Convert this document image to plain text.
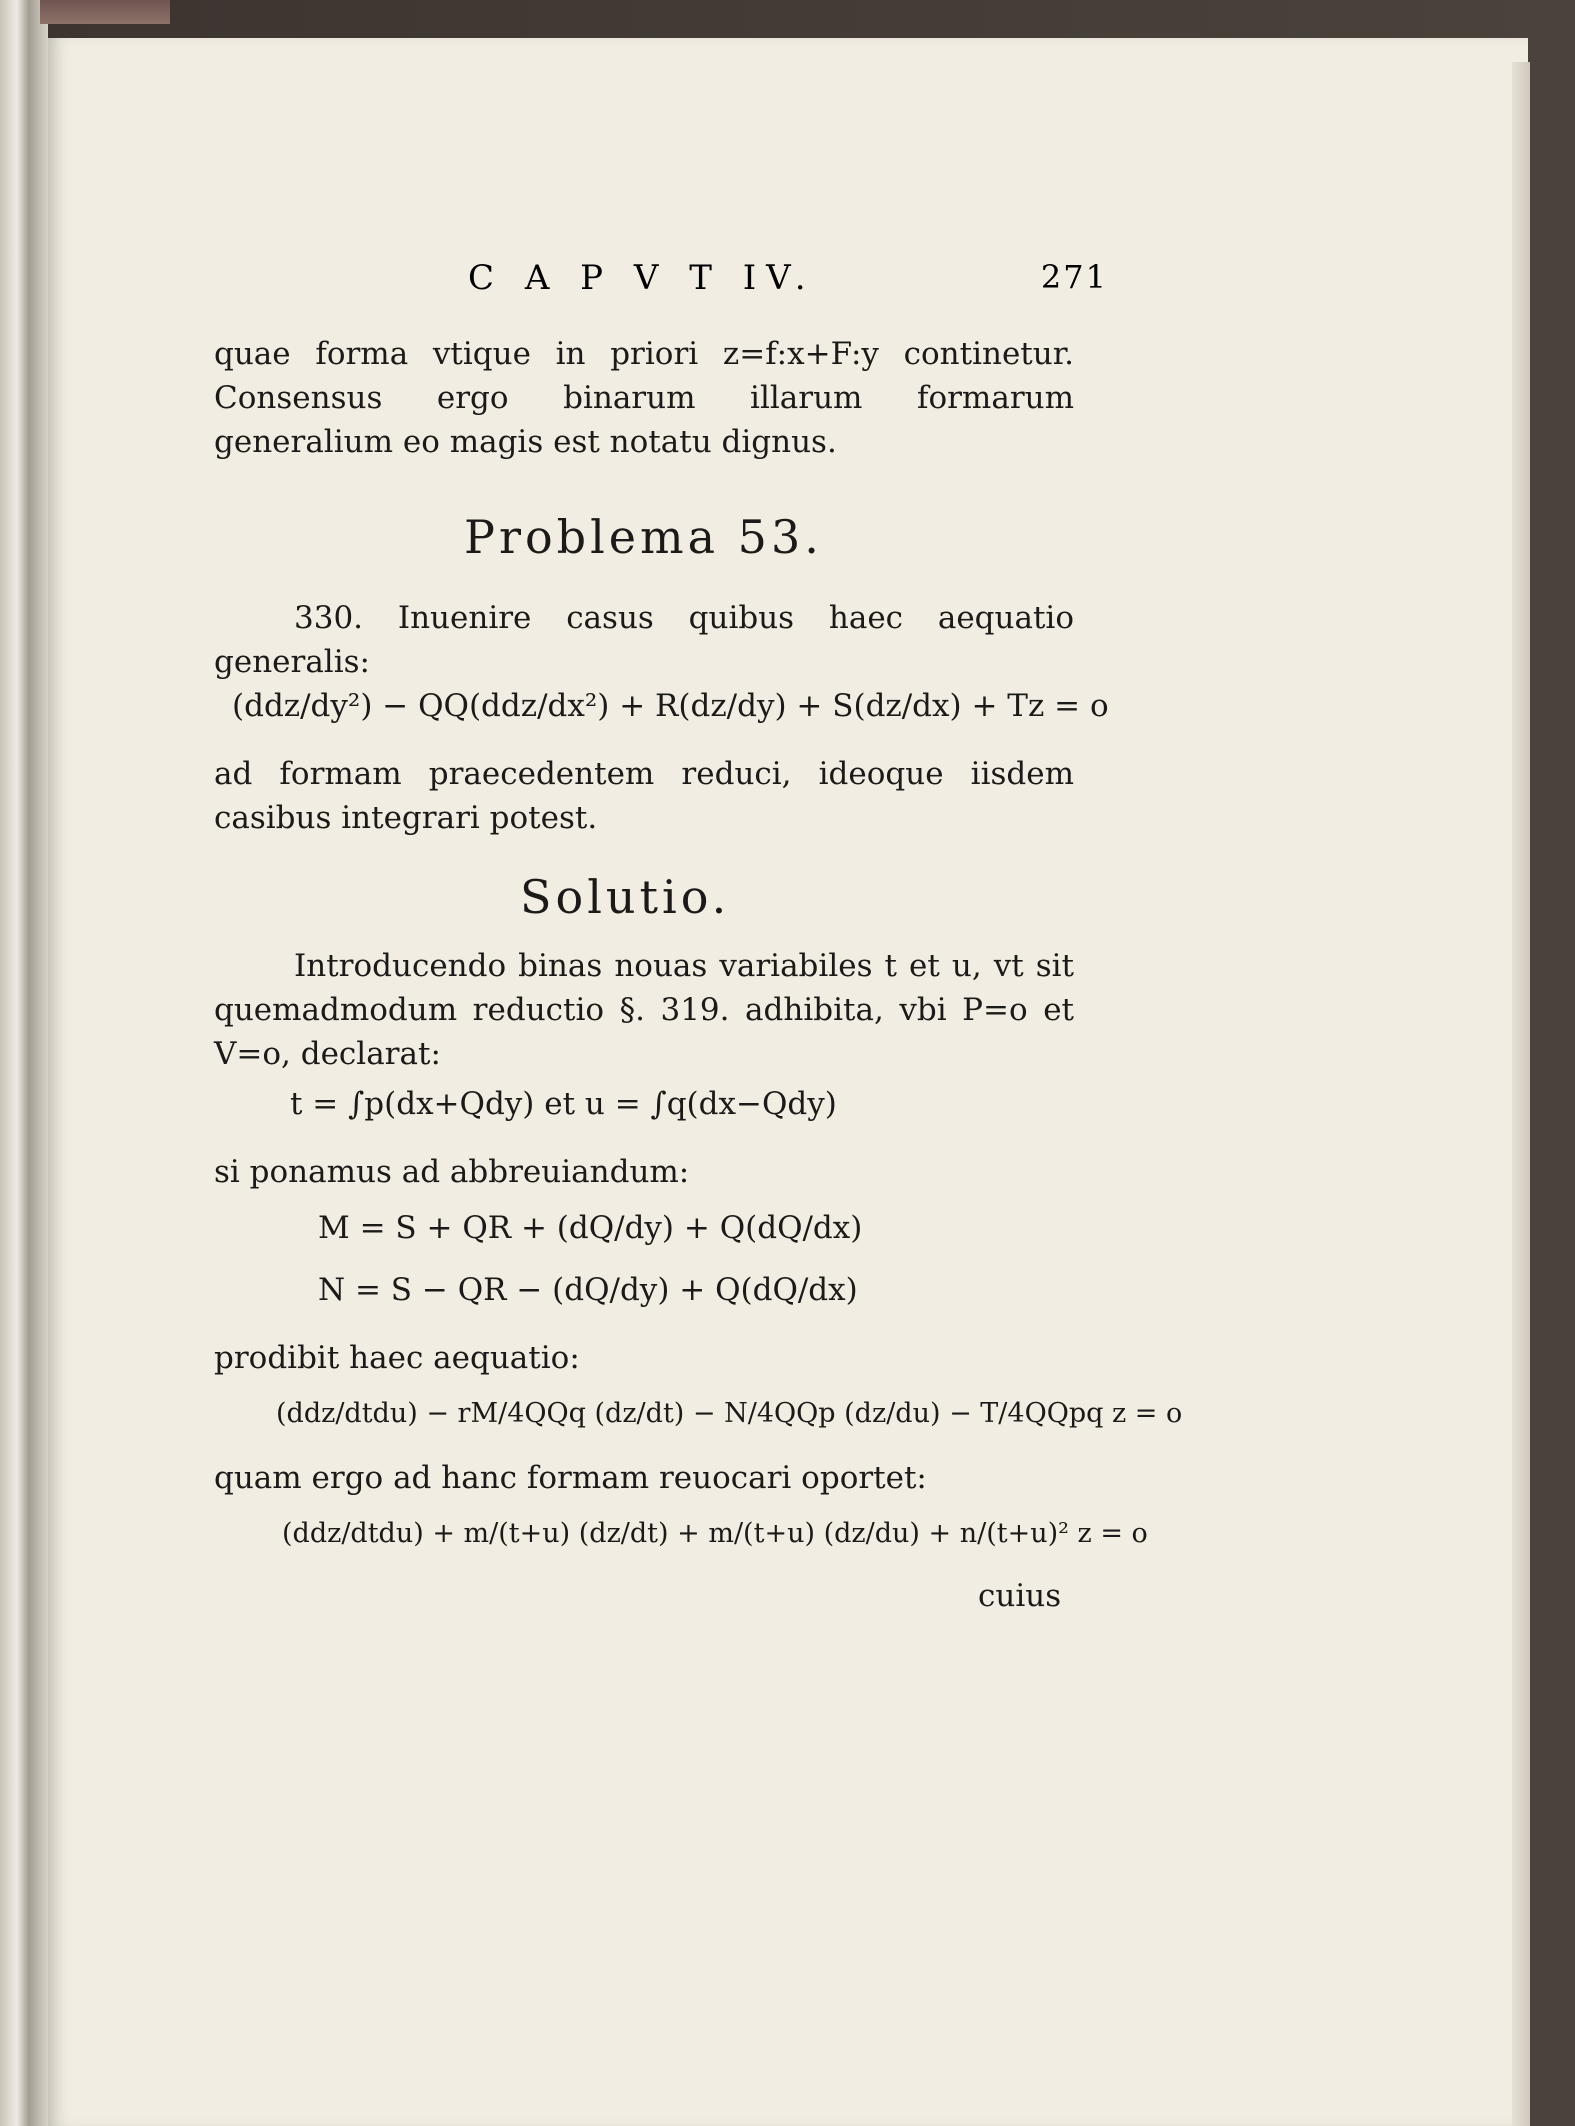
C A P V T IV.	271

quae forma vtique in priori z=f:x+F:y continetur. Consensus ergo binarum illarum formarum generalium eo magis est notatu dignus.

Problema 53.

330. Inuenire casus quibus haec aequatio generalis:

(ddz/dy²) − QQ(ddz/dx²) + R(dz/dy) + S(dz/dx) + Tz = o

ad formam praecedentem reduci, ideoque iisdem casibus integrari potest.

Solutio.

Introducendo binas nouas variabiles t et u, vt sit quemadmodum reductio §. 319. adhibita, vbi P=o et V=o, declarat:

t = ∫p(dx+Qdy) et u = ∫q(dx−Qdy)

si ponamus ad abbreuiandum:

M = S + QR + (dQ/dy) + Q(dQ/dx)
N = S − QR − (dQ/dy) + Q(dQ/dx)

prodibit haec aequatio:

(ddz/dtdu) − rM/4QQq (dz/dt) − N/4QQp (dz/du) − T/4QQpq z = o

quam ergo ad hanc formam reuocari oportet:

(ddz/dtdu) + m/(t+u) (dz/dt) + m/(t+u) (dz/du) + n/(t+u)² z = o
cuius
